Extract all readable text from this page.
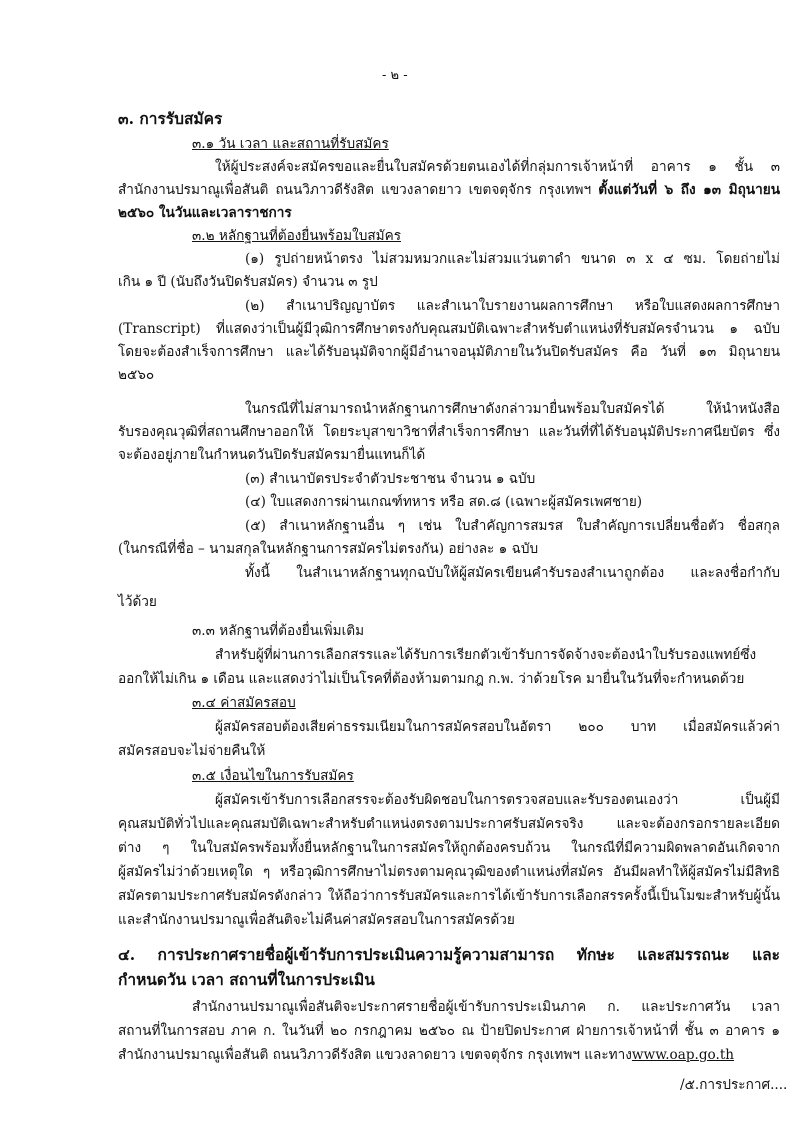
- ๒ -
๓. การรับสมัคร
๓.๑ วัน เวลา และสถานที่รับสมัคร
ให้ผู้ประสงค์จะสมัครขอและยื่นใบสมัครด้วยตนเองได้ที่กลุ่มการเจ้าหน้าที่ อาคาร ๑ ชั้น ๓
สำนักงานปรมาณูเพื่อสันติ ถนนวิภาวดีรังสิต แขวงลาดยาว เขตจตุจักร กรุงเทพฯ ตั้งแต่วันที่ ๖ ถึง ๑๓ มิถุนายน
๒๕๖๐ ในวันและเวลาราชการ
๓.๒ หลักฐานที่ต้องยื่นพร้อมใบสมัคร
(๑) รูปถ่ายหน้าตรง ไม่สวมหมวกและไม่สวมแว่นตาดำ ขนาด ๓ x ๔ ซม. โดยถ่ายไม่
เกิน ๑ ปี (นับถึงวันปิดรับสมัคร) จำนวน ๓ รูป
(๒) สำเนาปริญญาบัตร และสำเนาใบรายงานผลการศึกษา หรือใบแสดงผลการศึกษา
(Transcript) ที่แสดงว่าเป็นผู้มีวุฒิการศึกษาตรงกับคุณสมบัติเฉพาะสำหรับตำแหน่งที่รับสมัครจำนวน ๑ ฉบับ
โดยจะต้องสำเร็จการศึกษา และได้รับอนุมัติจากผู้มีอำนาจอนุมัติภายในวันปิดรับสมัคร คือ วันที่ ๑๓ มิถุนายน
๒๕๖๐
ในกรณีที่ไม่สามารถนำหลักฐานการศึกษาดังกล่าวมายื่นพร้อมใบสมัครได้ ให้นำหนังสือ
รับรองคุณวุฒิที่สถานศึกษาออกให้ โดยระบุสาขาวิชาที่สำเร็จการศึกษา และวันที่ที่ได้รับอนุมัติประกาศนียบัตร ซึ่ง
จะต้องอยู่ภายในกำหนดวันปิดรับสมัครมายื่นแทนก็ได้
(๓) สำเนาบัตรประจำตัวประชาชน จำนวน ๑ ฉบับ
(๔) ใบแสดงการผ่านเกณฑ์ทหาร หรือ สด.๘ (เฉพาะผู้สมัครเพศชาย)
(๕) สำเนาหลักฐานอื่น ๆ เช่น ใบสำคัญการสมรส ใบสำคัญการเปลี่ยนชื่อตัว ชื่อสกุล
(ในกรณีที่ชื่อ – นามสกุลในหลักฐานการสมัครไม่ตรงกัน) อย่างละ ๑ ฉบับ
ทั้งนี้ ในสำเนาหลักฐานทุกฉบับให้ผู้สมัครเขียนคำรับรองสำเนาถูกต้อง และลงชื่อกำกับ
ไว้ด้วย
๓.๓ หลักฐานที่ต้องยื่นเพิ่มเติม
สำหรับผู้ที่ผ่านการเลือกสรรและได้รับการเรียกตัวเข้ารับการจัดจ้างจะต้องนำใบรับรองแพทย์ซึ่ง
ออกให้ไม่เกิน ๑ เดือน และแสดงว่าไม่เป็นโรคที่ต้องห้ามตามกฎ ก.พ. ว่าด้วยโรค มายื่นในวันที่จะกำหนดด้วย
๓.๔ ค่าสมัครสอบ
ผู้สมัครสอบต้องเสียค่าธรรมเนียมในการสมัครสอบในอัตรา ๒๐๐ บาท เมื่อสมัครแล้วค่า
สมัครสอบจะไม่จ่ายคืนให้
๓.๕ เงื่อนไขในการรับสมัคร
ผู้สมัครเข้ารับการเลือกสรรจะต้องรับผิดชอบในการตรวจสอบและรับรองตนเองว่า เป็นผู้มี
คุณสมบัติทั่วไปและคุณสมบัติเฉพาะสำหรับตำแหน่งตรงตามประกาศรับสมัครจริง และจะต้องกรอกรายละเอียด
ต่าง ๆ ในใบสมัครพร้อมทั้งยื่นหลักฐานในการสมัครให้ถูกต้องครบถ้วน ในกรณีที่มีความผิดพลาดอันเกิดจาก
ผู้สมัครไม่ว่าด้วยเหตุใด ๆ หรือวุฒิการศึกษาไม่ตรงตามคุณวุฒิของตำแหน่งที่สมัคร อันมีผลทำให้ผู้สมัครไม่มีสิทธิ
สมัครตามประกาศรับสมัครดังกล่าว ให้ถือว่าการรับสมัครและการได้เข้ารับการเลือกสรรครั้งนี้เป็นโมฆะสำหรับผู้นั้น
และสำนักงานปรมาณูเพื่อสันติจะไม่คืนค่าสมัครสอบในการสมัครด้วย
๔. การประกาศรายชื่อผู้เข้ารับการประเมินความรู้ความสามารถ ทักษะ และสมรรถนะ และ
กำหนดวัน เวลา สถานที่ในการประเมิน
สำนักงานปรมาณูเพื่อสันติจะประกาศรายชื่อผู้เข้ารับการประเมินภาค ก. และประกาศวัน เวลา
สถานที่ในการสอบ ภาค ก. ในวันที่ ๒๐ กรกฎาคม ๒๕๖๐ ณ ป้ายปิดประกาศ ฝ่ายการเจ้าหน้าที่ ชั้น ๓ อาคาร ๑
สำนักงานปรมาณูเพื่อสันติ ถนนวิภาวดีรังสิต แขวงลาดยาว เขตจตุจักร กรุงเทพฯ และทางwww.oap.go.th
/๕.การประกาศ....
